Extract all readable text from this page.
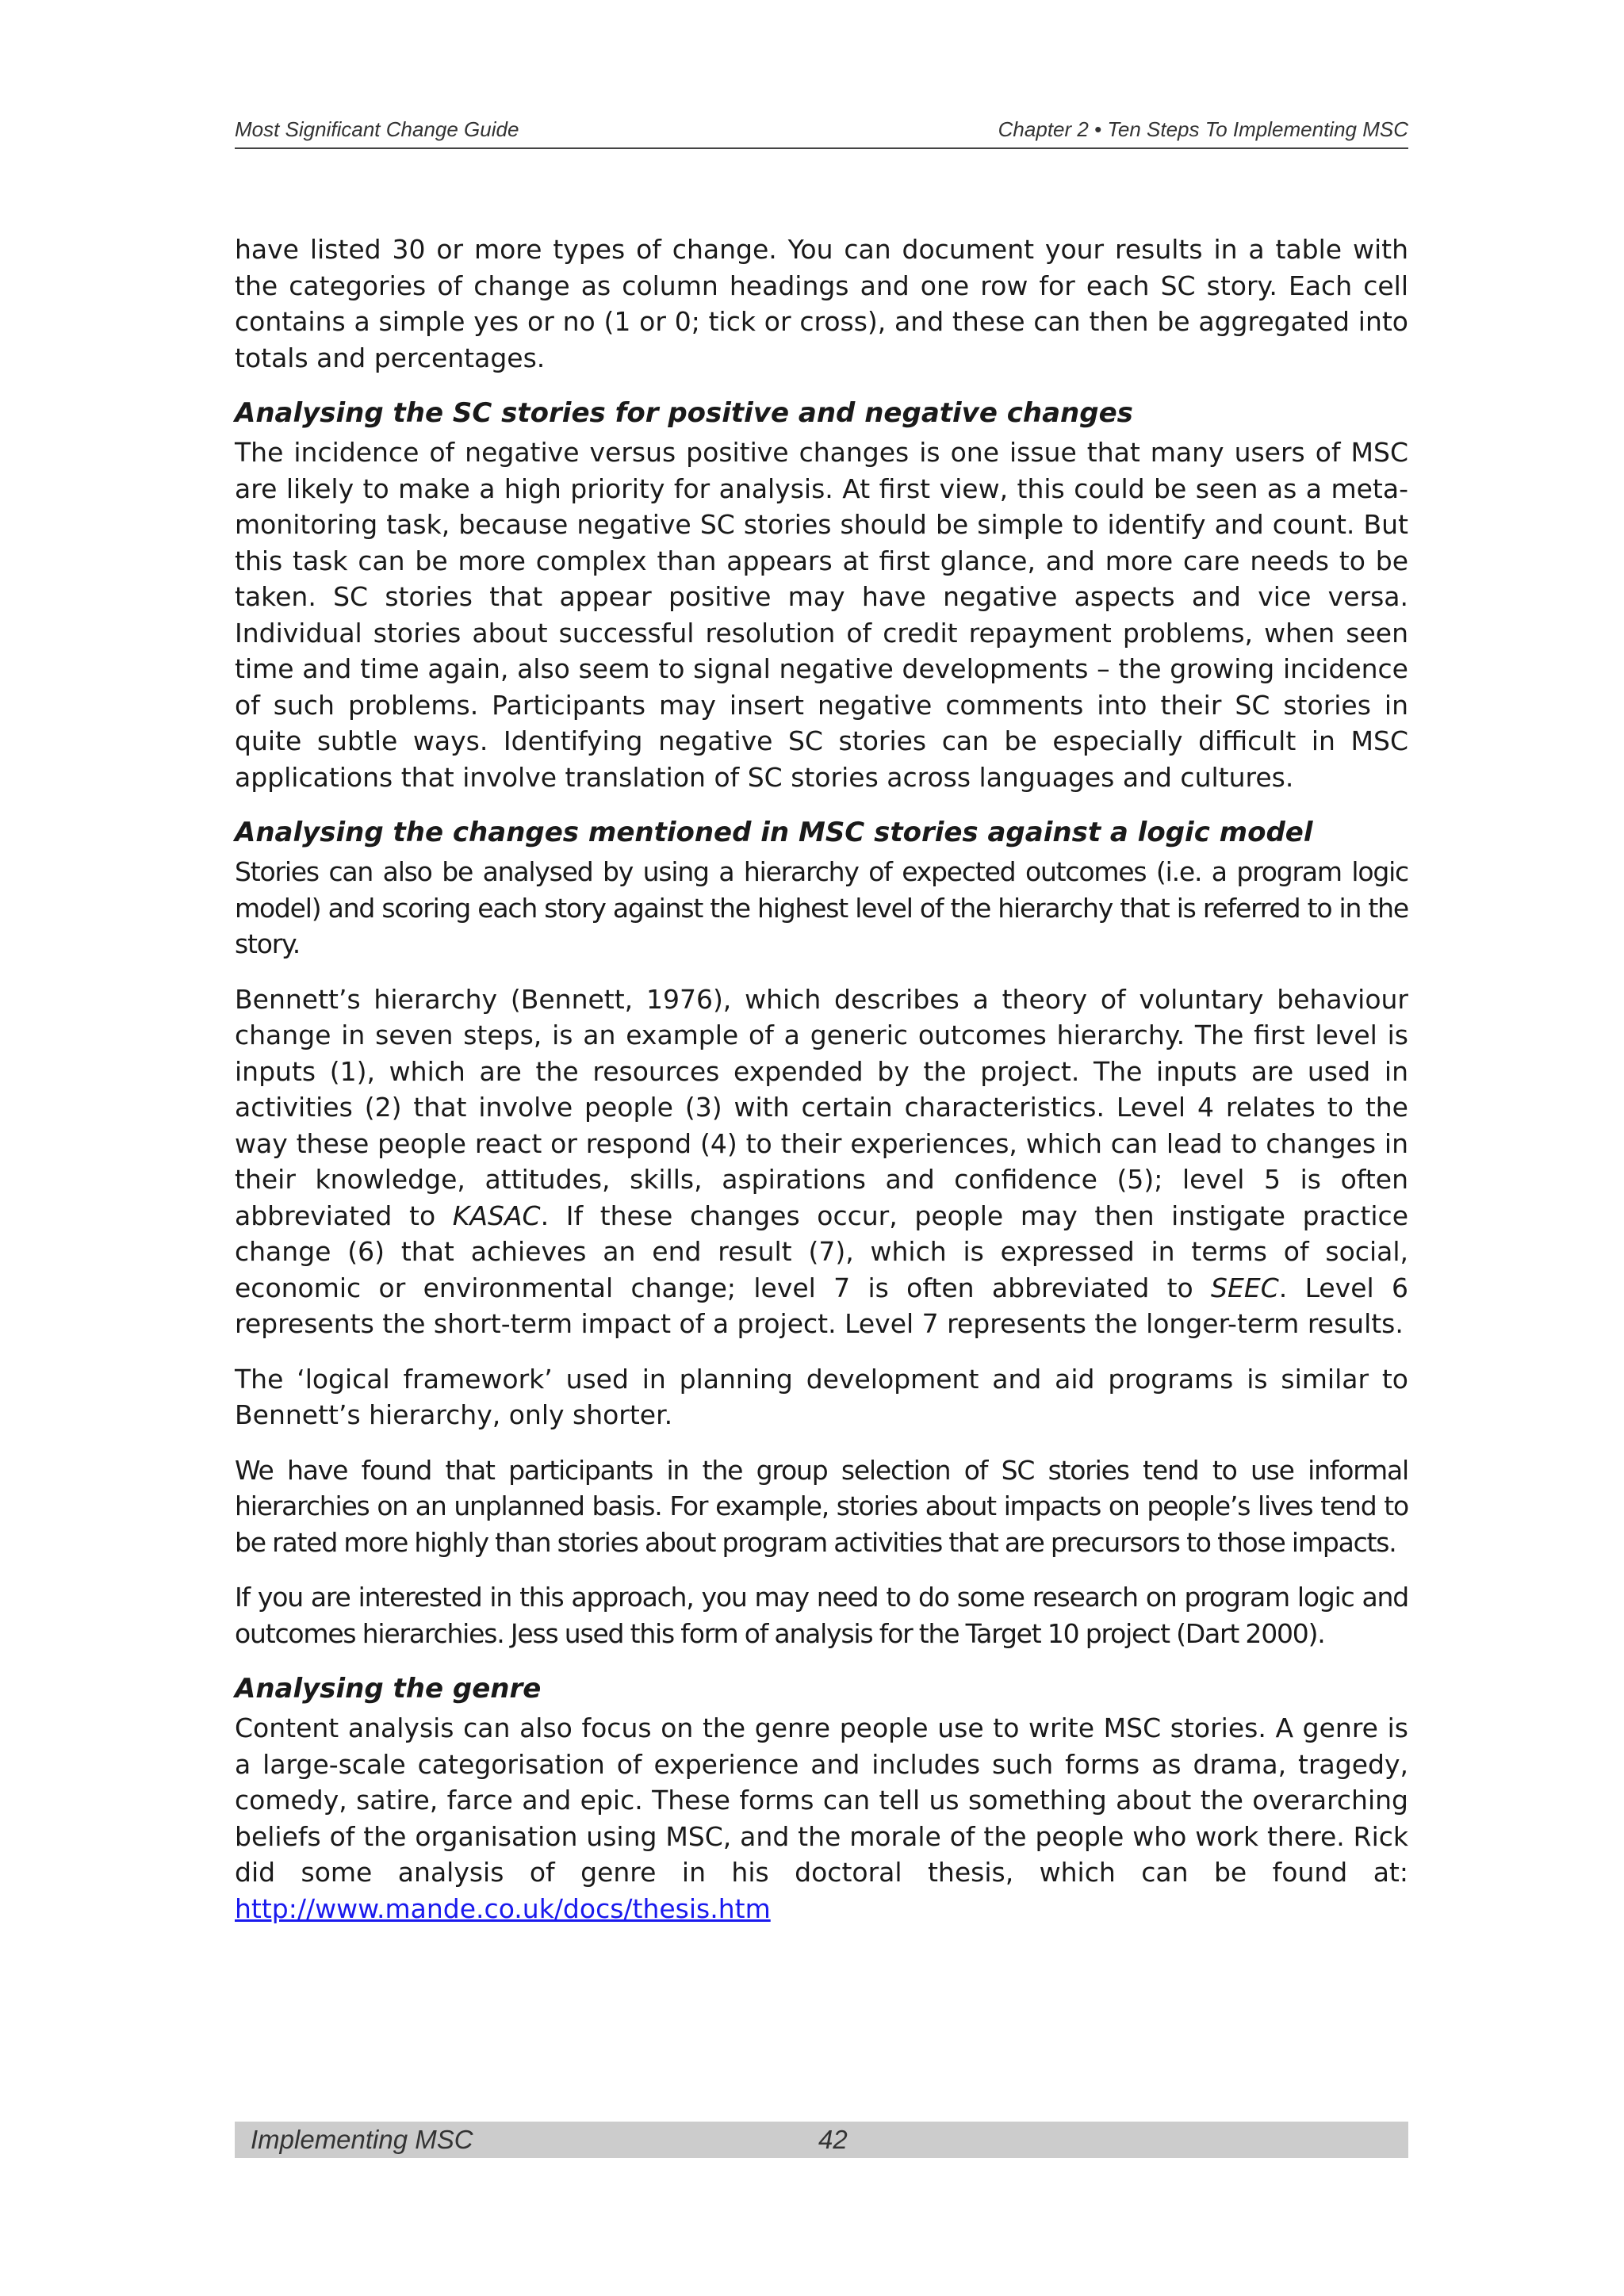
Most Significant Change Guide	Chapter 2 • Ten Steps To Implementing MSC

have listed 30 or more types of change. You can document your results in a table with the categories of change as column headings and one row for each SC story. Each cell contains a simple yes or no (1 or 0; tick or cross), and these can then be aggregated into totals and percentages.

Analysing the SC stories for positive and negative changes

The incidence of negative versus positive changes is one issue that many users of MSC are likely to make a high priority for analysis. At first view, this could be seen as a meta-monitoring task, because negative SC stories should be simple to identify and count. But this task can be more complex than appears at first glance, and more care needs to be taken. SC stories that appear positive may have negative aspects and vice versa. Individual stories about successful resolution of credit repayment problems, when seen time and time again, also seem to signal negative developments – the growing incidence of such problems. Participants may insert negative comments into their SC stories in quite subtle ways. Identifying negative SC stories can be especially difficult in MSC applications that involve translation of SC stories across languages and cultures.

Analysing the changes mentioned in MSC stories against a logic model

Stories can also be analysed by using a hierarchy of expected outcomes (i.e. a program logic model) and scoring each story against the highest level of the hierarchy that is referred to in the story.

Bennett’s hierarchy (Bennett, 1976), which describes a theory of voluntary behaviour change in seven steps, is an example of a generic outcomes hierarchy. The first level is inputs (1), which are the resources expended by the project. The inputs are used in activities (2) that involve people (3) with certain characteristics. Level 4 relates to the way these people react or respond (4) to their experiences, which can lead to changes in their knowledge, attitudes, skills, aspirations and confidence (5); level 5 is often abbreviated to KASAC. If these changes occur, people may then instigate practice change (6) that achieves an end result (7), which is expressed in terms of social, economic or environmental change; level 7 is often abbreviated to SEEC. Level 6 represents the short-term impact of a project. Level 7 represents the longer-term results.

The ‘logical framework’ used in planning development and aid programs is similar to Bennett’s hierarchy, only shorter.

We have found that participants in the group selection of SC stories tend to use informal hierarchies on an unplanned basis. For example, stories about impacts on people’s lives tend to be rated more highly than stories about program activities that are precursors to those impacts.

If you are interested in this approach, you may need to do some research on program logic and outcomes hierarchies. Jess used this form of analysis for the Target 10 project (Dart 2000).

Analysing the genre

Content analysis can also focus on the genre people use to write MSC stories. A genre is a large-scale categorisation of experience and includes such forms as drama, tragedy, comedy, satire, farce and epic. These forms can tell us something about the overarching beliefs of the organisation using MSC, and the morale of the people who work there. Rick did some analysis of genre in his doctoral thesis, which can be found at: http://www.mande.co.uk/docs/thesis.htm

Implementing MSC	42
